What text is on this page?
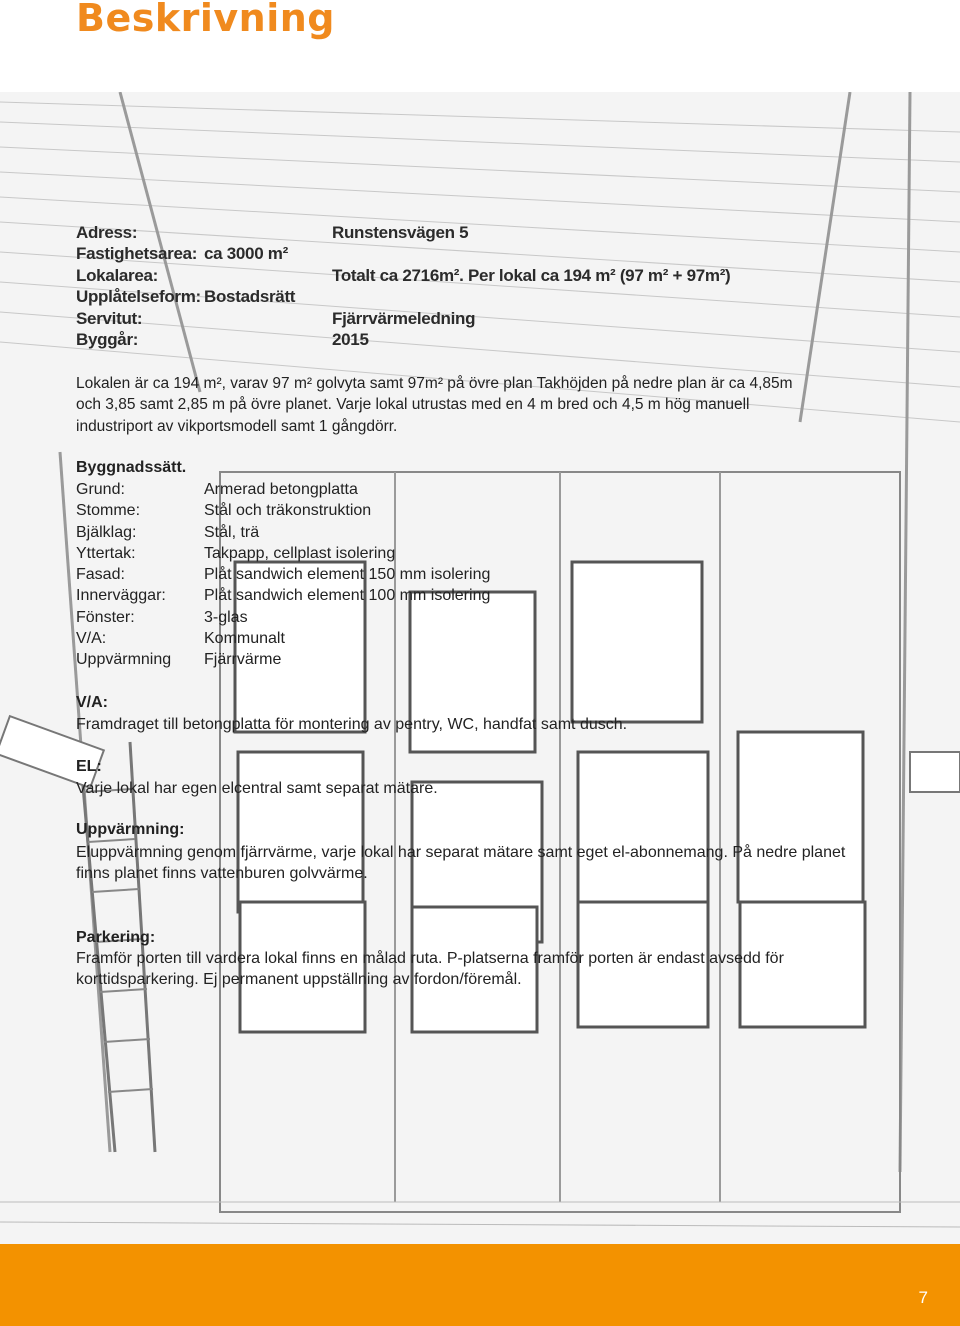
Beskrivning
Adress:	Runstensvägen 5
Fastighetsarea: ca 3000 m²
Lokalarea:	Totalt ca 2716m². Per lokal ca 194 m² (97 m² + 97m²)
Upplåtelseform: Bostadsrätt
Servitut:	Fjärrvärmeledning
Byggår:	2015
Lokalen är ca 194 m², varav 97 m² golvyta samt 97m² på övre plan Takhöjden på nedre plan är ca 4,85m
och 3,85 samt 2,85 m på övre planet. Varje lokal utrustas med en 4 m bred och 4,5 m hög manuell
industriport av vikportsmodell samt 1 gångdörr.
Byggnadssätt.
Grund:	Armerad betongplatta
Stomme:	Stål och träkonstruktion
Bjälklag:	Stål, trä
Yttertak:	Takpapp, cellplast isolering
Fasad:	Plåt sandwich element 150 mm isolering
Innerväggar: Plåt sandwich element 100 mm isolering
Fönster:	3-glas
V/A:	Kommunalt
Uppvärmning Fjärrvärme
V/A:
Framdraget till betongplatta för montering av pentry, WC, handfat samt dusch.
EL:
Varje lokal har egen elcentral samt separat mätare.
Uppvärmning:
Eluppvärmning genom fjärrvärme, varje lokal har separat mätare samt eget el-abonnemang. På nedre planet
finns planet finns vattenburen golvvärme.
Parkering:
Framför porten till vardera lokal finns en målad ruta. P-platserna framför porten är endast avsedd för
korttidsparkering. Ej permanent uppställning av fordon/föremål.
7
